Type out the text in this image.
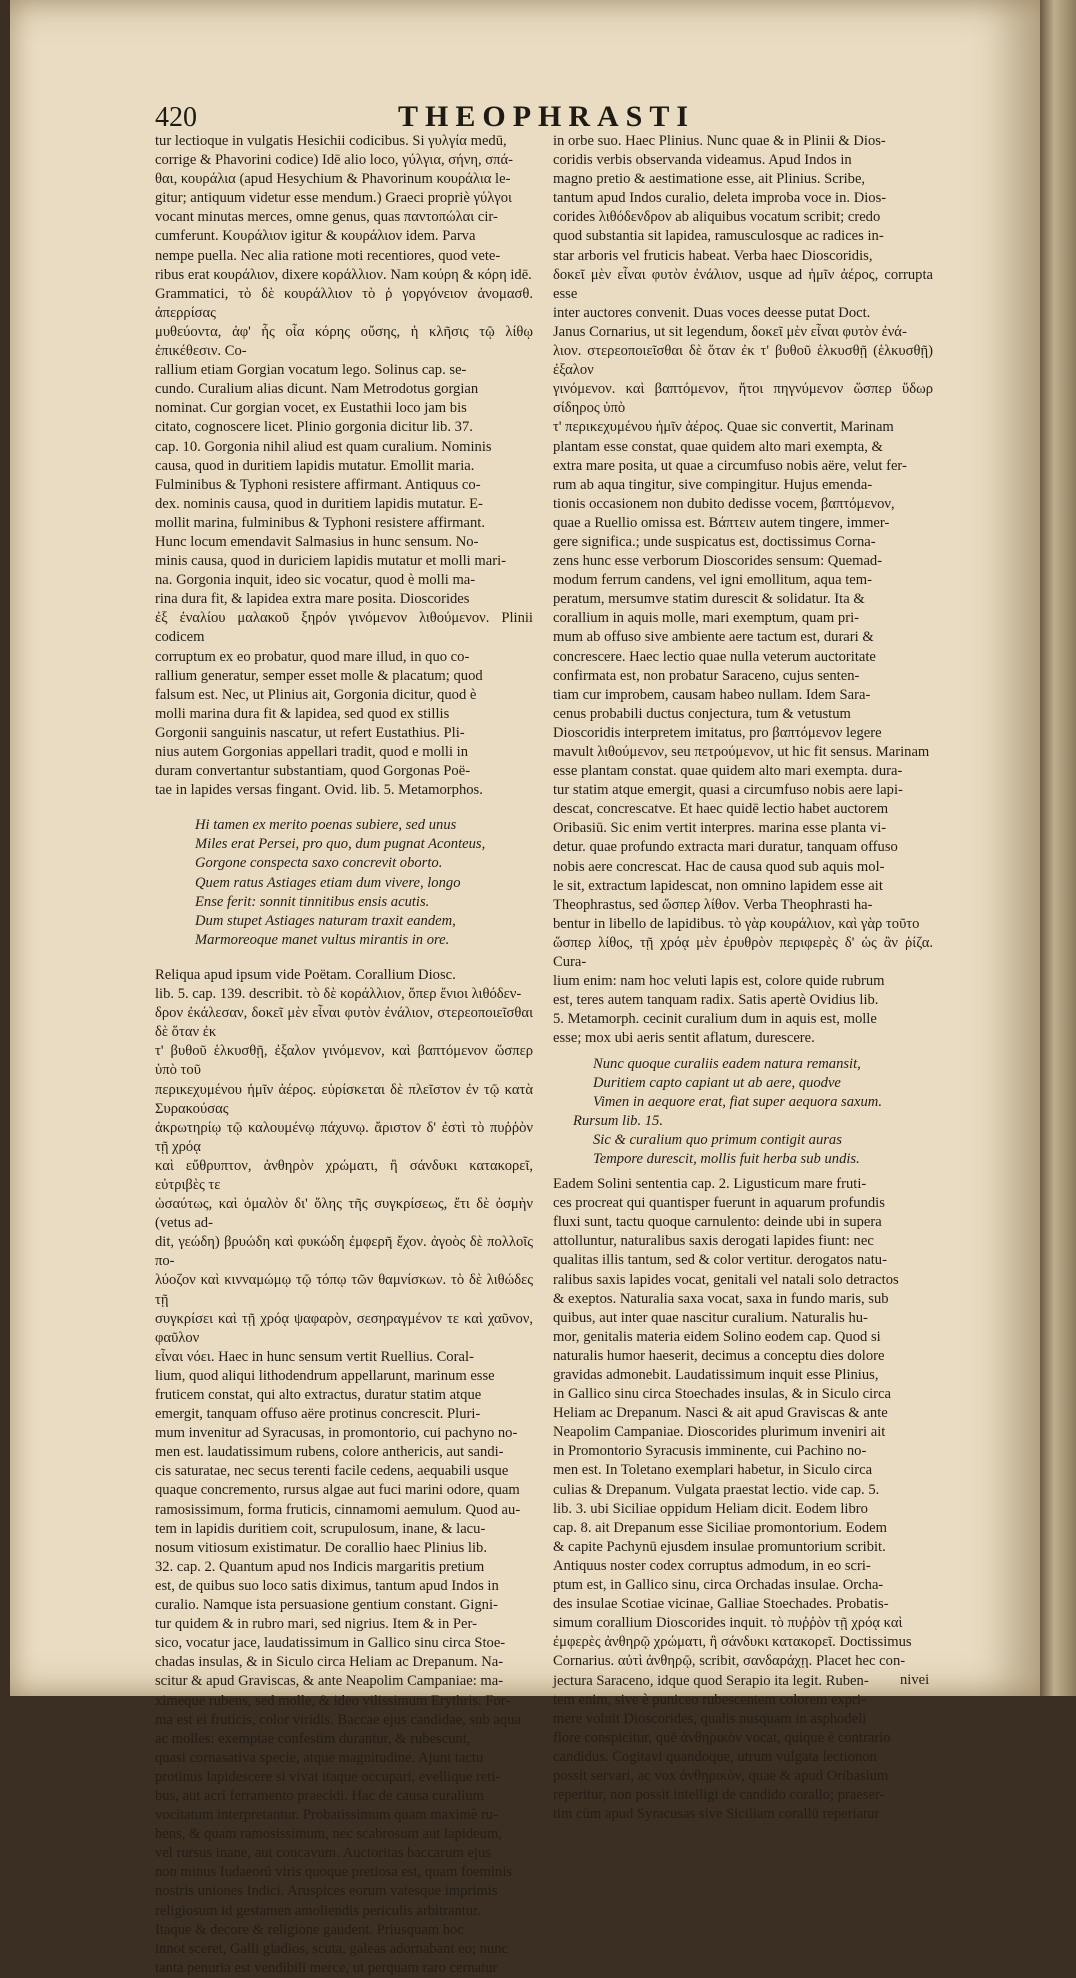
420	THEOPHRASTI

tur lectioque in vulgatis Hesichii codicibus. Si γυλγία medū,

corrige & Phavorini codice) Idē alio loco, γύλγια, σήνη, σπά-

θαι, κουράλια (apud Hesychium & Phavorinum κουράλια le-

gitur; antiquum videtur esse mendum.) Graeci propriè γύλγοι

vocant minutas merces, omne genus, quas παντοπώλαι cir-

cumferunt. Κουράλιον igitur & κουράλιον idem. Parva

nempe puella. Nec alia ratione moti recentiores, quod vete-

ribus erat κουράλιον, dixere κοράλλιον. Nam κούρη & κόρη idē.

Grammatici, τὸ δὲ κουράλλιον τὸ ῥ γοργόνειον ἀνομασθ. ἀπερρίσας

μυθεύοντα, ἀφ' ἧς οἷα κόρης οὔσης, ἡ κλῆσις τῷ λίθῳ ἐπικέθεσιν. Co-

rallium etiam Gorgian vocatum lego. Solinus cap. se-

cundo. Curalium alias dicunt. Nam Metrodotus gorgian

nominat. Cur gorgian vocet, ex Eustathii loco jam bis

citato, cognoscere licet. Plinio gorgonia dicitur lib. 37.

cap. 10. Gorgonia nihil aliud est quam curalium. Nominis

causa, quod in duritiem lapidis mutatur. Emollit maria.

Fulminibus & Typhoni resistere affirmant. Antiquus co-

dex. nominis causa, quod in duritiem lapidis mutatur. E-

mollit marina, fulminibus & Typhoni resistere affirmant.

Hunc locum emendavit Salmasius in hunc sensum. No-

minis causa, quod in duriciem lapidis mutatur et molli mari-

na. Gorgonia inquit, ideo sic vocatur, quod è molli ma-

rina dura fit, & lapidea extra mare posita. Dioscorides

ἐξ ἐναλίου μαλακοῦ ξηρόν γινόμενον λιθούμενον. Plinii codicem

corruptum ex eo probatur, quod mare illud, in quo co-

rallium generatur, semper esset molle & placatum; quod

falsum est. Nec, ut Plinius ait, Gorgonia dicitur, quod è

molli marina dura fit & lapidea, sed quod ex stillis

Gorgonii sanguinis nascatur, ut refert Eustathius. Pli-

nius autem Gorgonias appellari tradit, quod e molli in

duram convertantur substantiam, quod Gorgonas Poë-

tae in lapides versas fingant. Ovid. lib. 5. Metamorphos.

Hi tamen ex merito poenas subiere, sed unus

Miles erat Persei, pro quo, dum pugnat Aconteus,

Gorgone conspecta saxo concrevit oborto.

Quem ratus Astiages etiam dum vivere, longo

Ense ferit: sonnit tinnitibus ensis acutis.

Dum stupet Astiages naturam traxit eandem,

Marmoreoque manet vultus mirantis in ore.

Reliqua apud ipsum vide Poëtam. Corallium Diosc.

lib. 5. cap. 139. describit. τὸ δὲ κοράλλιον, ὅπερ ἔνιοι λιθόδεν-

δρον ἐκάλεσαν, δοκεῖ μὲν εἶναι φυτὸν ἐνάλιον, στερεοποιεῖσθαι δὲ ὅταν ἐκ

τ' βυθοῦ ἑλκυσθῇ, ἐξαλον γινόμενον, καὶ βαπτόμενον ὥσπερ ὑπὸ τοῦ

περικεχυμένου ἡμῖν ἀέρος. εὑρίσκεται δὲ πλεῖστον ἐν τῷ κατὰ Συρακούσας

ἀκρωτηρίῳ τῷ καλουμένῳ πάχυνῳ. ἄριστον δ' ἐστὶ τὸ πυῤῥὸν τῇ χρόᾳ

καὶ εὔθρυπτον, ἀνθηρὸν χρώματι, ἢ σάνδυκι κατακορεῖ, εὐτριβὲς τε

ὡσαύτως, καὶ ὁμαλὸν δι' ὅλης τῆς συγκρίσεως, ἔτι δὲ ὀσμὴν (vetus ad-

dit, γεώδη) βρυώδη καὶ φυκώδη ἐμφερῆ ἔχον. ἀγοὸς δὲ πολλοῖς πο-

λύοζον καὶ κινναμώμῳ τῷ τόπῳ τῶν θαμνίσκων. τὸ δὲ λιθώδες τῇ

συγκρίσει καὶ τῇ χρόᾳ ψαφαρὸν, σεσηραγμένον τε καὶ χαῦνον, φαῦλον

εἶναι νόει. Haec in hunc sensum vertit Ruellius. Coral-

lium, quod aliqui lithodendrum appellarunt, marinum esse

fruticem constat, qui alto extractus, duratur statim atque

emergit, tanquam offuso aëre protinus concrescit. Pluri-

mum invenitur ad Syracusas, in promontorio, cui pachyno no-

men est. laudatissimum rubens, colore anthericis, aut sandi-

cis saturatae, nec secus terenti facile cedens, aequabili usque

quaque concremento, rursus algae aut fuci marini odore, quam

ramosissimum, forma fruticis, cinnamomi aemulum. Quod au-

tem in lapidis duritiem coit, scrupulosum, inane, & lacu-

nosum vitiosum existimatur. De corallio haec Plinius lib.

32. cap. 2. Quantum apud nos Indicis margaritis pretium

est, de quibus suo loco satis diximus, tantum apud Indos in

curalio. Namque ista persuasione gentium constant. Gigni-

tur quidem & in rubro mari, sed nigrius. Item & in Per-

sico, vocatur jace, laudatissimum in Gallico sinu circa Stoe-

chadas insulas, & in Siculo circa Heliam ac Drepanum. Na-

scitur & apud Graviscas, & ante Neapolim Campaniae: ma-

ximeque rubens, sed molle, & ideo vilissimum Erythris. For-

ma est ei fruticis, color viridis. Baccae ejus candidae, sub aqua

ac molles: exemptae confestim durantur, & rubescunt,

quasi cornasativa specie, atque magnitudine. Ajunt tactu

protinus lapidescere si vivat itaque occupari, evellique reti-

bus, aut acri ferramento praecidi. Hac de causa curalium

vocitatum interpretantur. Probatissimum quam maximè ru-

bens, & quam ramosissimum, nec scabrosum aut lapideum,

vel rursus inane, aut concavum. Auctoritas baccarum ejus

non minus Iudaeorū viris quoque pretiosa est, quam foeminis

nostris uniones Indici. Aruspices eorum vatesque imprimis

religiosum id gestamen amoliendis periculis arbitrantur.

Itaque & decore & religione gaudent. Priusquam hoc

innot sceret, Galli gladios, scuta, galeas adornabant eo; nunc

tanta penuria est vendibili merce, ut perquam raro cernatur

in orbe suo. Haec Plinius. Nunc quae & in Plinii & Dios-

coridis verbis observanda videamus. Apud Indos in

magno pretio & aestimatione esse, ait Plinius. Scribe,

tantum apud Indos curalio, deleta improba voce in. Dios-

corides λιθόδενδρον ab aliquibus vocatum scribit; credo

quod substantia sit lapidea, ramusculosque ac radices in-

star arboris vel fruticis habeat. Verba haec Dioscoridis,

δοκεῖ μὲν εἶναι φυτὸν ἐνάλιον, usque ad ἡμῖν ἀέρος, corrupta esse

inter auctores convenit. Duas voces deesse putat Doct.

Janus Cornarius, ut sit legendum, δοκεῖ μὲν εἶναι φυτὸν ἐνά-

λιον. στερεοποιεῖσθαι δὲ ὅταν ἐκ τ' βυθοῦ ἑλκυσθῇ (ἑλκυσθῇ) ἐξαλον

γινόμενον. καὶ βαπτόμενον, ἤτοι πηγνύμενον ὥσπερ ὕδωρ σίδηρος ὑπὸ

τ' περικεχυμένου ἡμῖν ἀέρος. Quae sic convertit, Marinam

plantam esse constat, quae quidem alto mari exempta, &

extra mare posita, ut quae a circumfuso nobis aëre, velut fer-

rum ab aqua tingitur, sive compingitur. Hujus emenda-

tionis occasionem non dubito dedisse vocem, βαπτόμενον,

quae a Ruellio omissa est. Βάπτειν autem tingere, immer-

gere significa.; unde suspicatus est, doctissimus Corna-

zens hunc esse verborum Dioscorides sensum: Quemad-

modum ferrum candens, vel igni emollitum, aqua tem-

peratum, mersumve statim durescit & solidatur. Ita &

corallium in aquis molle, mari exemptum, quam pri-

mum ab offuso sive ambiente aere tactum est, durari &

concrescere. Haec lectio quae nulla veterum auctoritate

confirmata est, non probatur Saraceno, cujus senten-

tiam cur improbem, causam habeo nullam. Idem Sara-

cenus probabili ductus conjectura, tum & vetustum

Dioscoridis interpretem imitatus, pro βαπτόμενον legere

mavult λιθούμενον, seu πετρούμενον, ut hic fit sensus. Marinam

esse plantam constat. quae quidem alto mari exempta. dura-

tur statim atque emergit, quasi a circumfuso nobis aere lapi-

descat, concrescatve. Et haec quidē lectio habet auctorem

Oribasiū. Sic enim vertit interpres. marina esse planta vi-

detur. quae profundo extracta mari duratur, tanquam offuso

nobis aere concrescat. Hac de causa quod sub aquis mol-

le sit, extractum lapidescat, non omnino lapidem esse ait

Theophrastus, sed ὥσπερ λίθον. Verba Theophrasti ha-

bentur in libello de lapidibus. τὸ γὰρ κουράλιον, καὶ γὰρ τοῦτο

ὥσπερ λίθος, τῇ χρόᾳ μὲν ἐρυθρὸν περιφερὲς δ' ὡς ἂν ῥίζα. Cura-

lium enim: nam hoc veluti lapis est, colore quide rubrum

est, teres autem tanquam radix. Satis apertè Ovidius lib.

5. Metamorph. cecinit curalium dum in aquis est, molle

esse; mox ubi aeris sentit aflatum, durescere.

Nunc quoque curaliis eadem natura remansit,

Duritiem capto capiant ut ab aere, quodve

Vimen in aequore erat, fiat super aequora saxum.

Rursum lib. 15.

Sic & curalium quo primum contigit auras

Tempore durescit, mollis fuit herba sub undis.

Eadem Solini sententia cap. 2. Ligusticum mare fruti-

ces procreat qui quantisper fuerunt in aquarum profundis

fluxi sunt, tactu quoque carnulento: deinde ubi in supera

attolluntur, naturalibus saxis derogati lapides fiunt: nec

qualitas illis tantum, sed & color vertitur. derogatos natu-

ralibus saxis lapides vocat, genitali vel natali solo detractos

& exeptos. Naturalia saxa vocat, saxa in fundo maris, sub

quibus, aut inter quae nascitur curalium. Naturalis hu-

mor, genitalis materia eidem Solino eodem cap. Quod si

naturalis humor haeserit, decimus a conceptu dies dolore

gravidas admonebit. Laudatissimum inquit esse Plinius,

in Gallico sinu circa Stoechades insulas, & in Siculo circa

Heliam ac Drepanum. Nasci & ait apud Graviscas & ante

Neapolim Campaniae. Dioscorides plurimum inveniri ait

in Promontorio Syracusis imminente, cui Pachino no-

men est. In Toletano exemplari habetur, in Siculo circa

culias & Drepanum. Vulgata praestat lectio. vide cap. 5.

lib. 3. ubi Siciliae oppidum Heliam dicit. Eodem libro

cap. 8. ait Drepanum esse Siciliae promontorium. Eodem

& capite Pachynū ejusdem insulae promuntorium scribit.

Antiquus noster codex corruptus admodum, in eo scri-

ptum est, in Gallico sinu, circa Orchadas insulae. Orcha-

des insulae Scotiae vicinae, Galliae Stoechades. Probatis-

simum corallium Dioscorides inquit. τὸ πυῤῥὸν τῇ χρόᾳ καὶ

ἐμφερὲς ἀνθηρῷ χρώματι, ἢ σάνδυκι κατακορεῖ. Doctissimus

Cornarius. αὐτὶ ἀνθηρῷ, scribit, σανδαράχῃ. Placet hec con-

jectura Saraceno, idque quod Serapio ita legit. Ruben-

tem enim, sive è puniceo rubescentem colorem expri-

mere voluit Dioscorides, qualis nusquam in asphodeli

flore conspicitur, quē ἀνθηρικὸν vocat, quique è contrario

candidus. Cogitavi quandoque, utrum vulgata lectionon

possit servari, ac vox ἀνθηρικὸν, quae & apud Oribasium

reperitur, non possit intelligi de candido corallo; praeser-

tim cūm apud Syracusas sive Siciliam corallū reperiatur

nivei
